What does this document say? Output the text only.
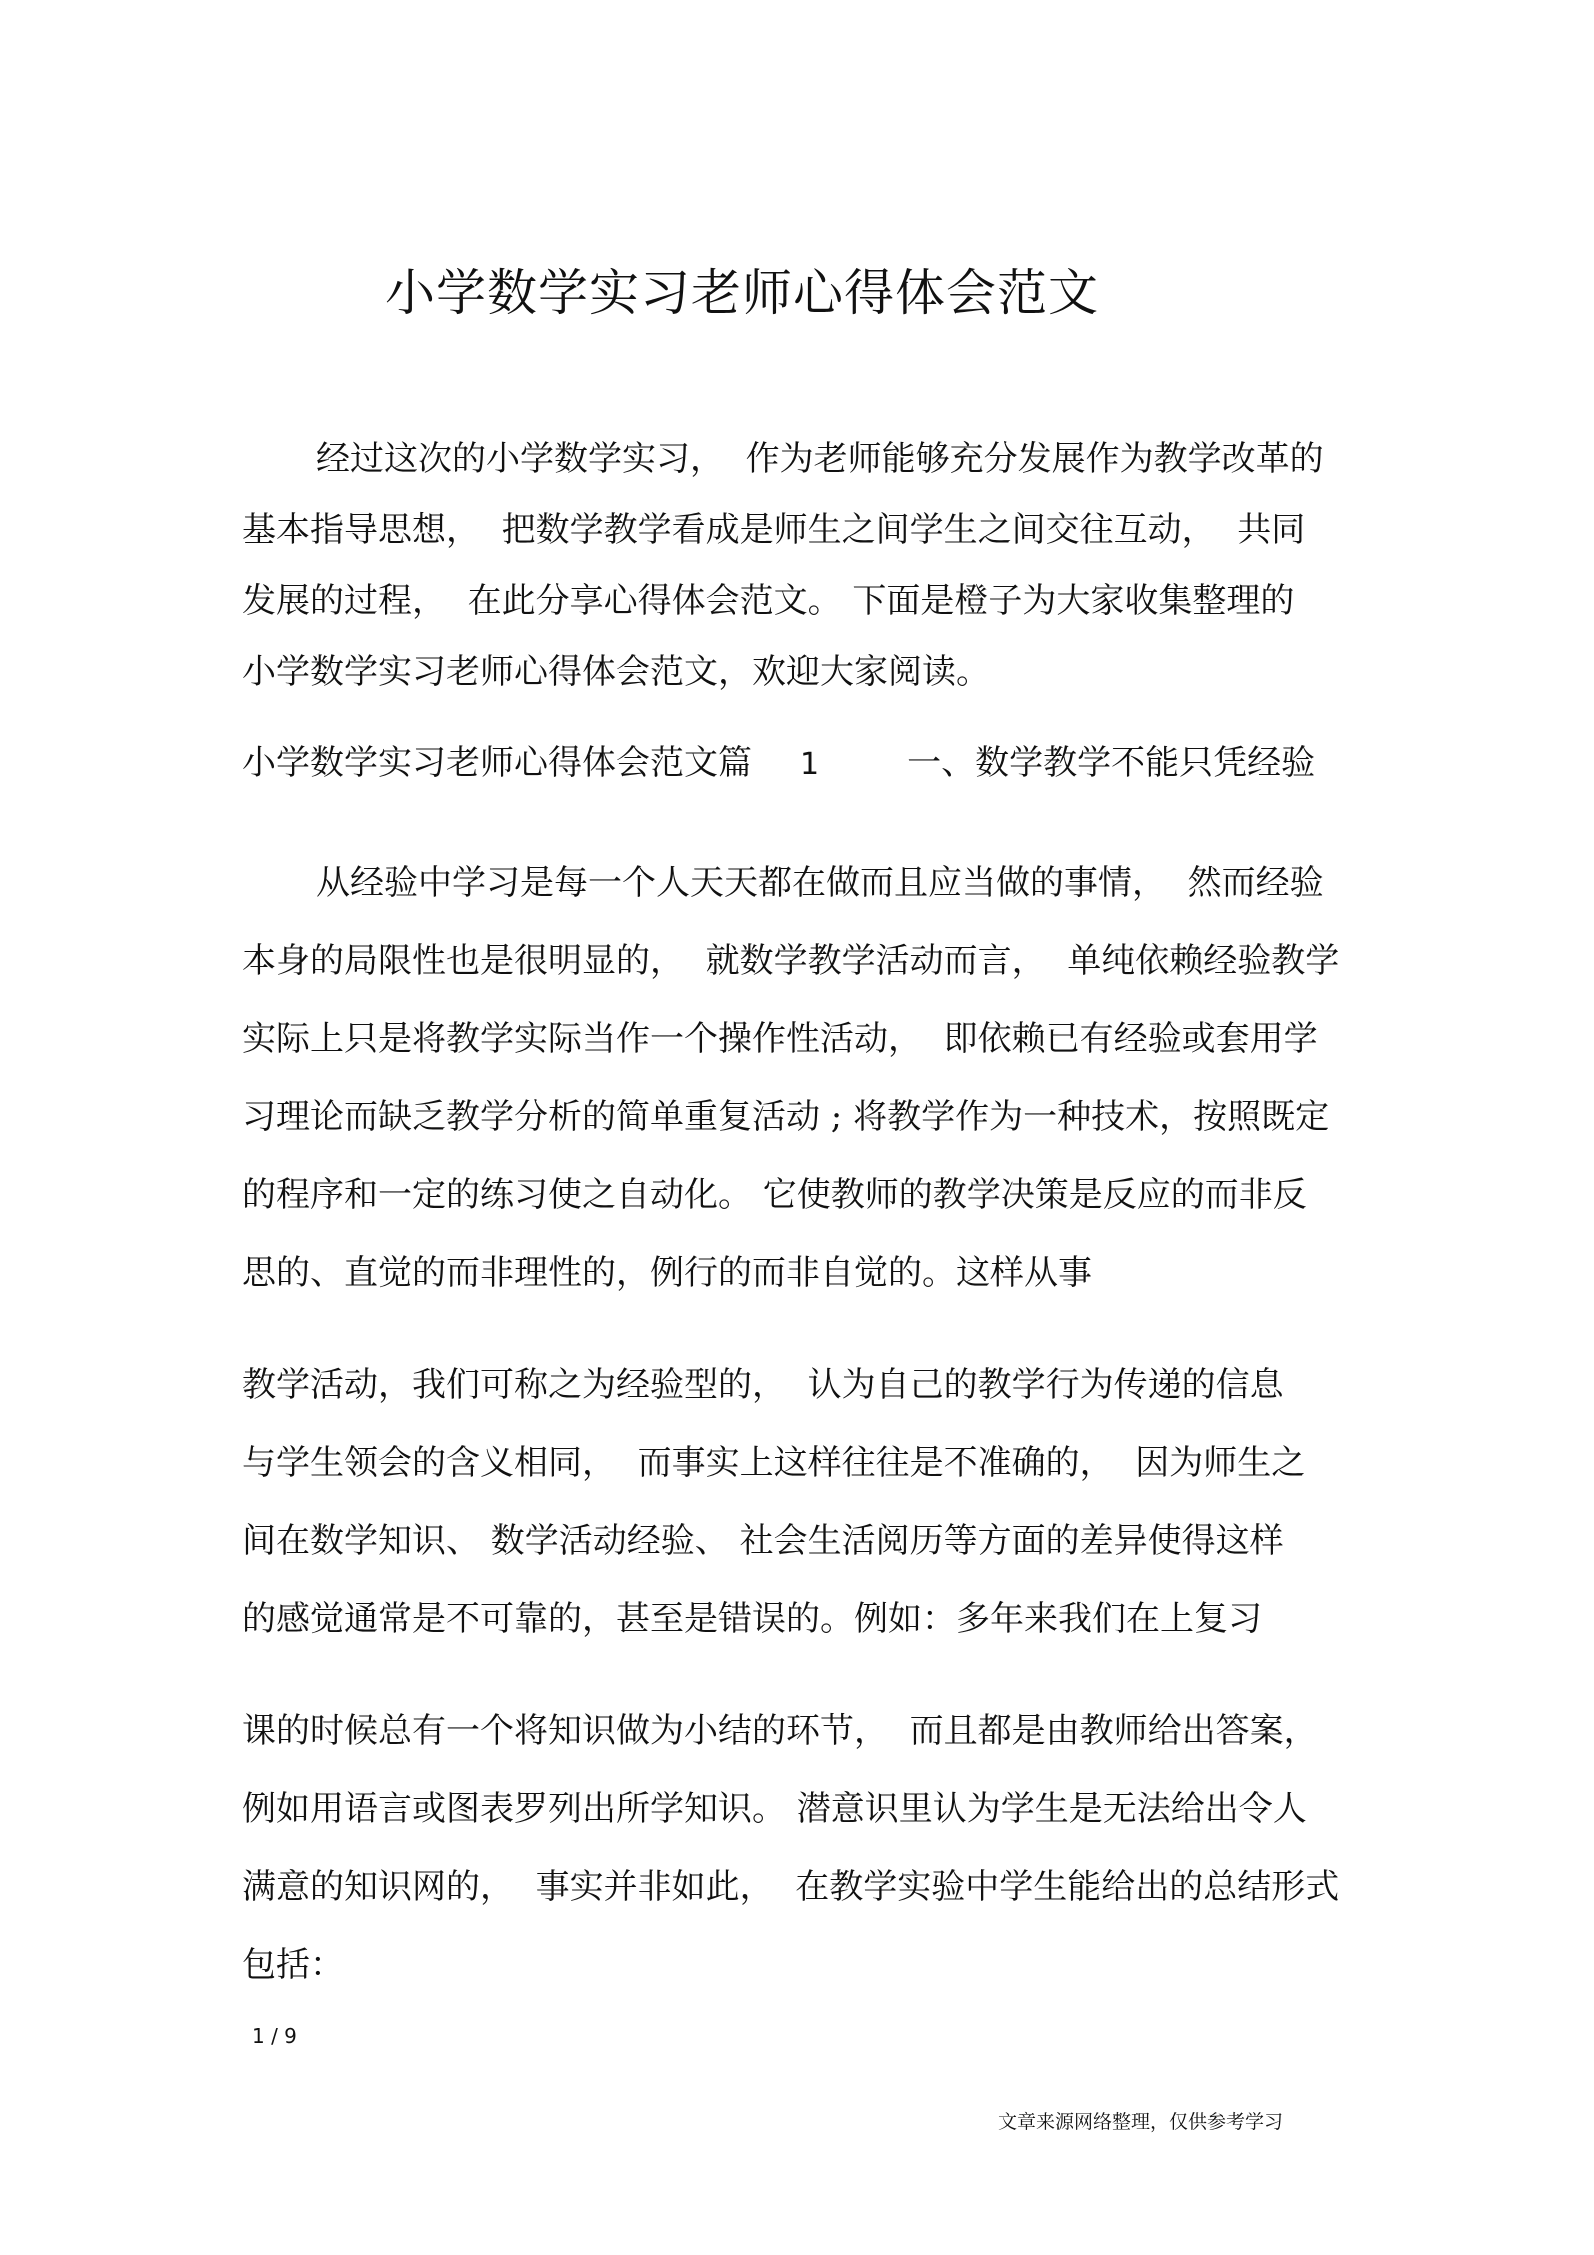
小学数学实习老师心得体会范文
经过这次的小学数学实习，  作为老师能够充分发展作为教学改革的
基本指导思想，  把数学教学看成是师生之间学生之间交往互动，  共同
发展的过程，  在此分享心得体会范文。 下面是橙子为大家收集整理的
小学数学实习老师心得体会范文，欢迎大家阅读。
小学数学实习老师心得体会范文篇 1	一、数学教学不能只凭经验
从经验中学习是每一个人天天都在做而且应当做的事情，  然而经验
本身的局限性也是很明显的，  就数学教学活动而言，  单纯依赖经验教学
实际上只是将教学实际当作一个操作性活动，  即依赖已有经验或套用学
习理论而缺乏教学分析的简单重复活动 ; 将教学作为一种技术，按照既定
的程序和一定的练习使之自动化。 它使教师的教学决策是反应的而非反
思的、直觉的而非理性的，例行的而非自觉的。这样从事
教学活动，我们可称之为经验型的，  认为自己的教学行为传递的信息
与学生领会的含义相同，  而事实上这样往往是不准确的，  因为师生之
间在数学知识、 数学活动经验、 社会生活阅历等方面的差异使得这样
的感觉通常是不可靠的，甚至是错误的。例如：多年来我们在上复习
课的时候总有一个将知识做为小结的环节，  而且都是由教师给出答案，
例如用语言或图表罗列出所学知识。 潜意识里认为学生是无法给出令人
满意的知识网的，  事实并非如此，  在教学实验中学生能给出的总结形式
包括：
1 / 9
文章来源网络整理，仅供参考学习
